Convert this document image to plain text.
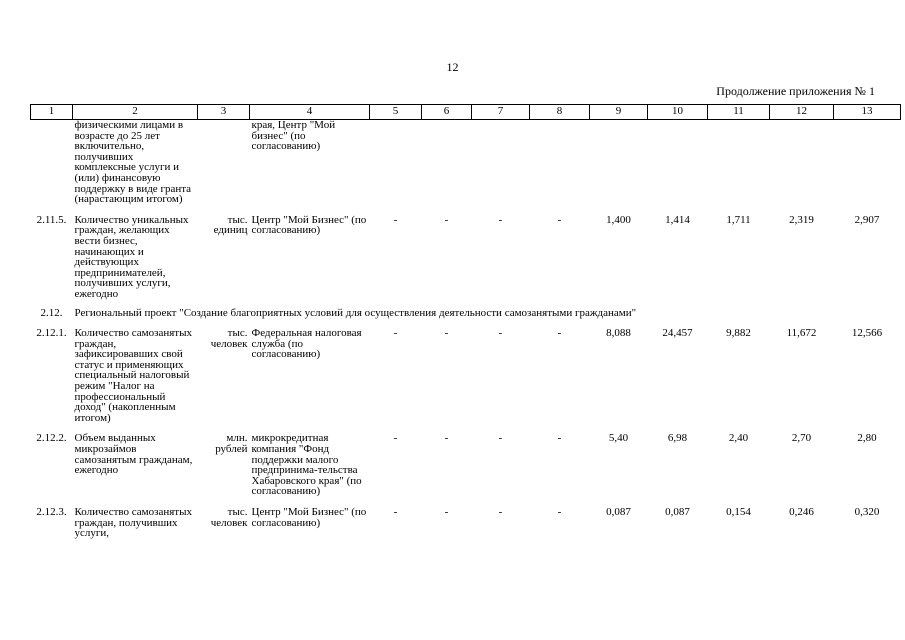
12
Продолжение приложения № 1
1	2	3	4	5	6	7	8	9	10	11	12	13
	физическими лицами в возрасте до 25 лет включительно, получивших комплексные услуги и (или) финансовую поддержку в виде гранта (нарастающим итогом)		края, Центр "Мой бизнес" (по согласованию)									
2.11.5.	Количество уникальных граждан, желающих вести бизнес, начинающих и действующих предпринимателей, получивших услуги, ежегодно	тыс. единиц	Центр "Мой Бизнес" (по согласованию)	-	-	-	-	1,400	1,414	1,711	2,319	2,907
2.12.	Региональный проект "Создание благоприятных условий для осуществления деятельности самозанятыми гражданами"											
2.12.1.	Количество самозанятых граждан, зафиксировавших свой статус и применяющих специальный налоговый режим "Налог на профессиональный доход" (накопленным итогом)	тыс. человек	Федеральная налоговая служба (по согласованию)	-	-	-	-	8,088	24,457	9,882	11,672	12,566
2.12.2.	Объем выданных микрозаймов самозанятым гражданам, ежегодно	млн. рублей	микрокредитная компания "Фонд поддержки малого предпринима-тельства Хабаровского края" (по согласованию)	-	-	-	-	5,40	6,98	2,40	2,70	2,80
2.12.3.	Количество самозанятых граждан, получивших услуги,	тыс. человек	Центр "Мой Бизнес" (по согласованию)	-	-	-	-	0,087	0,087	0,154	0,246	0,320
